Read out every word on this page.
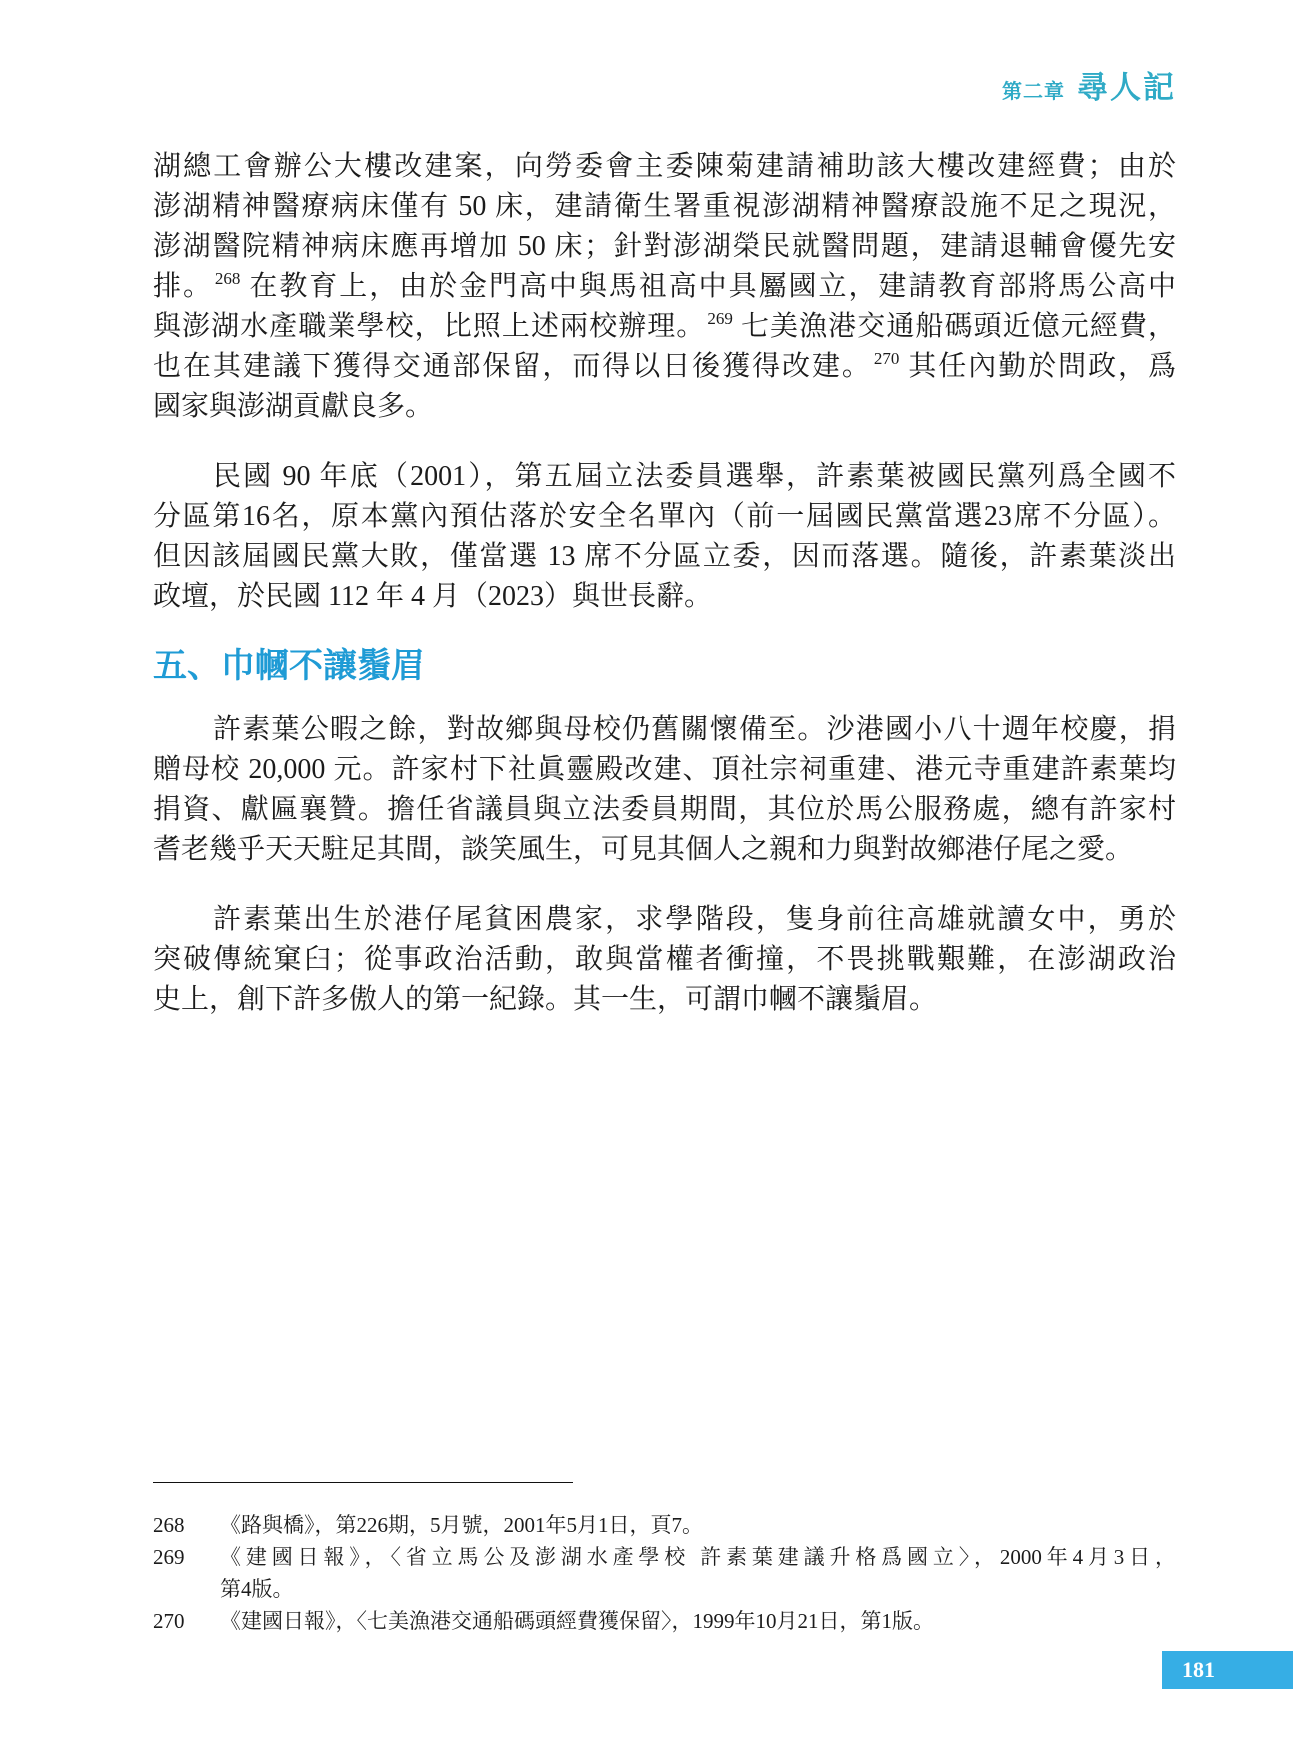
第二章 尋人記
湖總工會辦公大樓改建案，向勞委會主委陳菊建請補助該大樓改建經費；由於
澎湖精神醫療病床僅有 50 床，建請衛生署重視澎湖精神醫療設施不足之現況，
澎湖醫院精神病床應再增加 50 床；針對澎湖榮民就醫問題，建請退輔會優先安
排。 $^{268}$ 在教育上，由於金門高中與馬祖高中具屬國立，建請教育部將馬公高中
與澎湖水產職業學校，比照上述兩校辦理。 $^{269}$ 七美漁港交通船碼頭近億元經費，
也在其建議下獲得交通部保留，而得以日後獲得改建。 $^{270}$ 其任內勤於問政，爲
國家與澎湖貢獻良多。
民國 90 年底（2001），第五屆立法委員選舉，許素葉被國民黨列爲全國不
分區第16名，原本黨內預估落於安全名單內（前一屆國民黨當選23席不分區）。
但因該屆國民黨大敗，僅當選 13 席不分區立委，因而落選。隨後，許素葉淡出
政壇，於民國 112 年 4 月（2023）與世長辭。
五、巾幗不讓鬚眉
許素葉公暇之餘，對故鄉與母校仍舊關懷備至。沙港國小八十週年校慶，捐
贈母校 20,000 元。許家村下社眞靈殿改建、頂社宗祠重建、港元寺重建許素葉均
捐資、獻匾襄贊。擔任省議員與立法委員期間，其位於馬公服務處，總有許家村
耆老幾乎天天駐足其間，談笑風生，可見其個人之親和力與對故鄉港仔尾之愛。
許素葉出生於港仔尾貧困農家，求學階段，隻身前往高雄就讀女中，勇於
突破傳統窠臼；從事政治活動，敢與當權者衝撞，不畏挑戰艱難，在澎湖政治
史上，創下許多傲人的第一紀錄。其一生，可謂巾幗不讓鬚眉。
268	《路與橋》，第226期，5月號，2001年5月1日，頁7。
269	《建國日報》，〈省立馬公及澎湖水產學校 許素葉建議升格爲國立〉，2000年4月3日，
第4版。
270	《建國日報》，〈七美漁港交通船碼頭經費獲保留〉，1999年10月21日，第1版。
181
